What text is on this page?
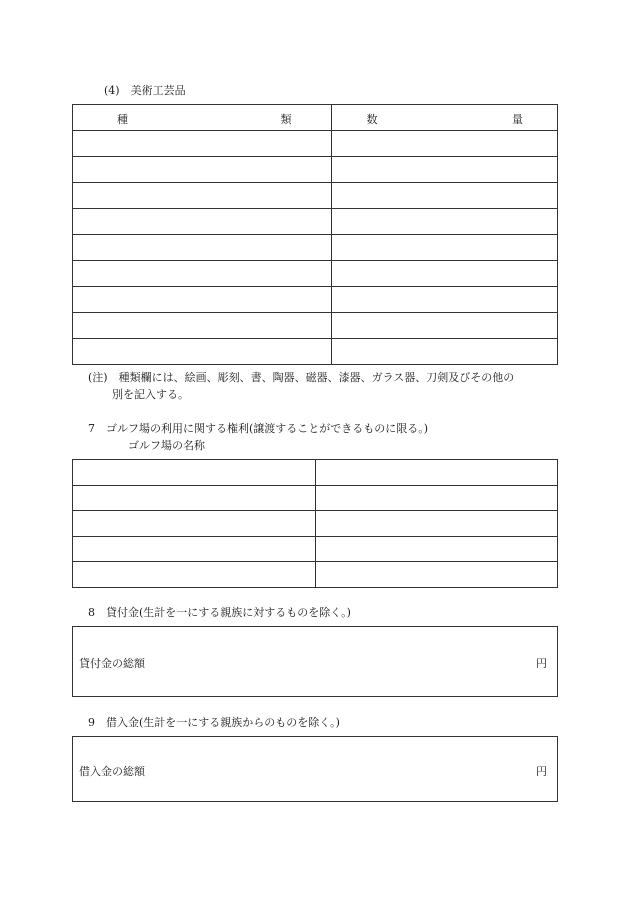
(4)　美術工芸品
種 類	数 量

(注)　種類欄には、絵画、彫刻、書、陶器、磁器、漆器、ガラス器、刀剣及びその他の
別を記入する。
7　ゴルフ場の利用に関する権利(譲渡することができるものに限る。)
ゴルフ場の名称

8　貸付金(生計を一にする親族に対するものを除く。)
貸付金の総額	円
9　借入金(生計を一にする親族からのものを除く。)
借入金の総額	円
